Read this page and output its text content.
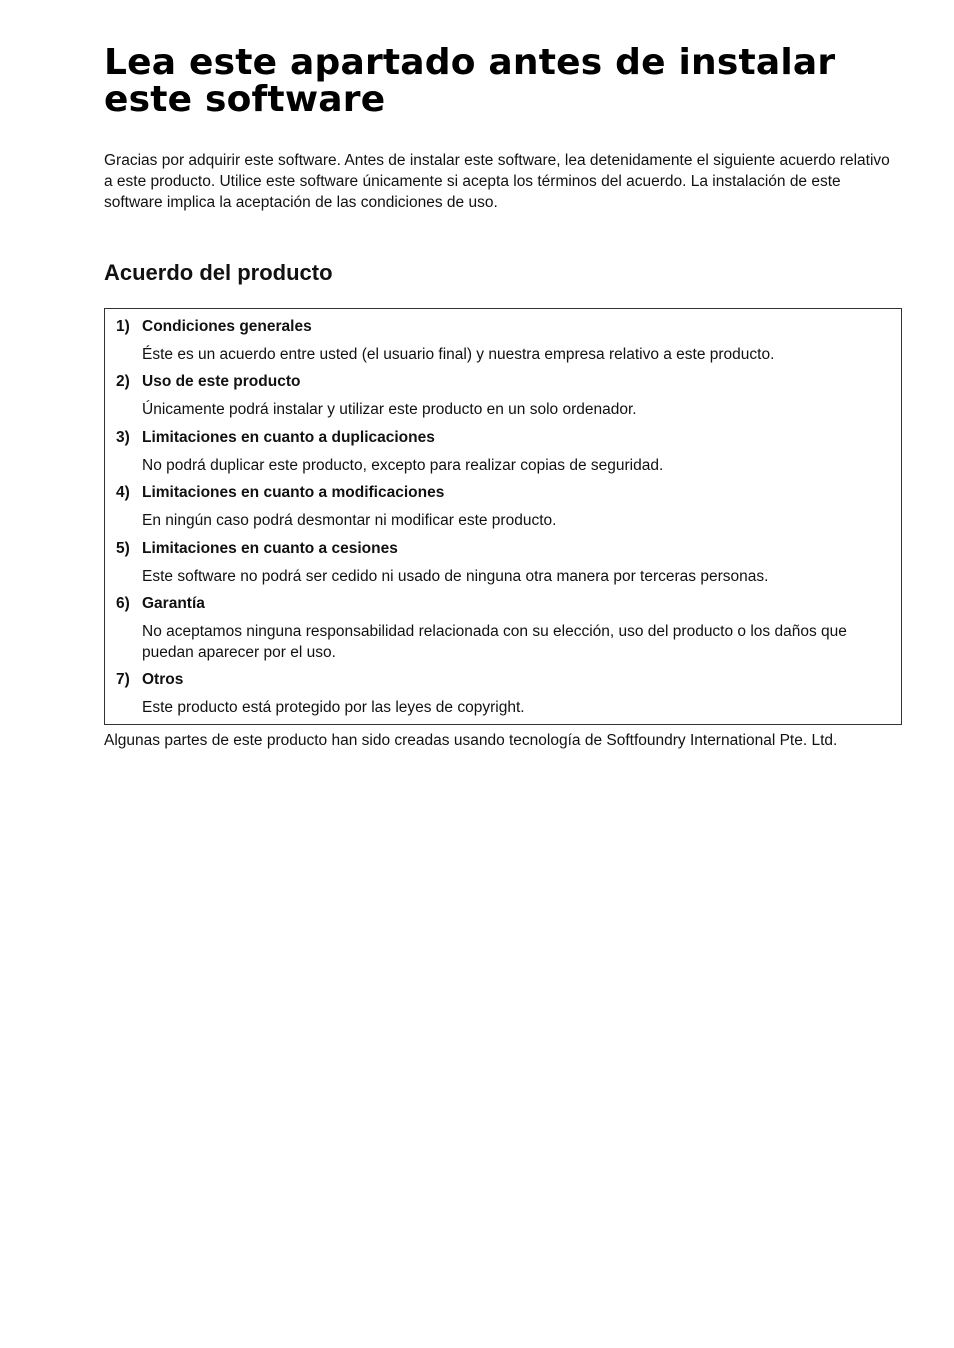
Lea este apartado antes de instalar
este software

Gracias por adquirir este software. Antes de instalar este software, lea detenidamente el siguiente acuerdo relativo a este producto. Utilice este software únicamente si acepta los términos del acuerdo. La instalación de este software implica la aceptación de las condiciones de uso.

Acuerdo del producto
1) Condiciones generales
Éste es un acuerdo entre usted (el usuario final) y nuestra empresa relativo a este producto.
2) Uso de este producto
Únicamente podrá instalar y utilizar este producto en un solo ordenador.
3) Limitaciones en cuanto a duplicaciones
No podrá duplicar este producto, excepto para realizar copias de seguridad.
4) Limitaciones en cuanto a modificaciones
En ningún caso podrá desmontar ni modificar este producto.
5) Limitaciones en cuanto a cesiones
Este software no podrá ser cedido ni usado de ninguna otra manera por terceras personas.
6) Garantía
No aceptamos ninguna responsabilidad relacionada con su elección, uso del producto o los daños que puedan aparecer por el uso.
7) Otros
Este producto está protegido por las leyes de copyright.

Algunas partes de este producto han sido creadas usando tecnología de Softfoundry International Pte. Ltd.
